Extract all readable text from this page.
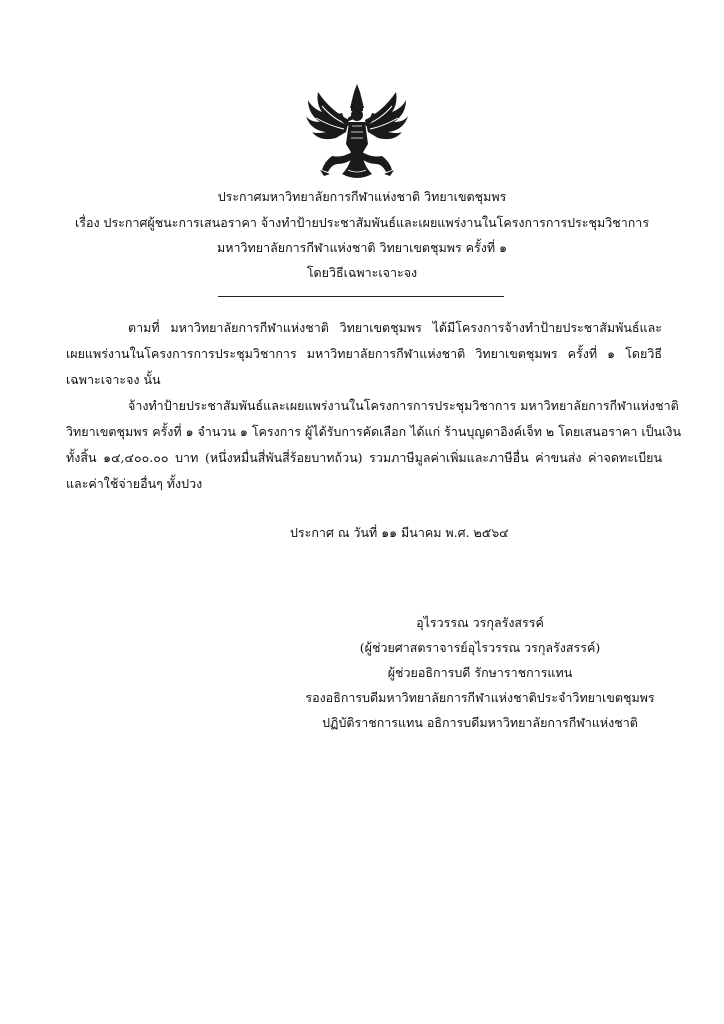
ประกาศมหาวิทยาลัยการกีฬาแห่งชาติ วิทยาเขตชุมพร
เรื่อง ประกาศผู้ชนะการเสนอราคา จ้างทำป้ายประชาสัมพันธ์และเผยแพร่งานในโครงการการประชุมวิชาการ
มหาวิทยาลัยการกีฬาแห่งชาติ วิทยาเขตชุมพร ครั้งที่ ๑
โดยวิธีเฉพาะเจาะจง
ตามที่ มหาวิทยาลัยการกีฬาแห่งชาติ วิทยาเขตชุมพร ได้มีโครงการจ้างทำป้ายประชาสัมพันธ์และ
เผยแพร่งานในโครงการการประชุมวิชาการ มหาวิทยาลัยการกีฬาแห่งชาติ วิทยาเขตชุมพร ครั้งที่ ๑ โดยวิธี
เฉพาะเจาะจง นั้น
จ้างทำป้ายประชาสัมพันธ์และเผยแพร่งานในโครงการการประชุมวิชาการ มหาวิทยาลัยการกีฬาแห่งชาติ
วิทยาเขตชุมพร ครั้งที่ ๑ จำนวน ๑ โครงการ ผู้ได้รับการคัดเลือก ได้แก่ ร้านบุญดาอิงค์เจ็ท ๒ โดยเสนอราคา เป็นเงิน
ทั้งสิ้น ๑๔,๔๐๐.๐๐ บาท (หนึ่งหมื่นสี่พันสี่ร้อยบาทถ้วน) รวมภาษีมูลค่าเพิ่มและภาษีอื่น ค่าขนส่ง ค่าจดทะเบียน
และค่าใช้จ่ายอื่นๆ ทั้งปวง
ประกาศ ณ วันที่ ๑๑ มีนาคม พ.ศ. ๒๕๖๔
อุไรวรรณ วรกุลรังสรรค์
(ผู้ช่วยศาสตราจารย์อุไรวรรณ วรกุลรังสรรค์)
ผู้ช่วยอธิการบดี รักษาราชการแทน
รองอธิการบดีมหาวิทยาลัยการกีฬาแห่งชาติประจำวิทยาเขตชุมพร
ปฏิบัติราชการแทน อธิการบดีมหาวิทยาลัยการกีฬาแห่งชาติ
